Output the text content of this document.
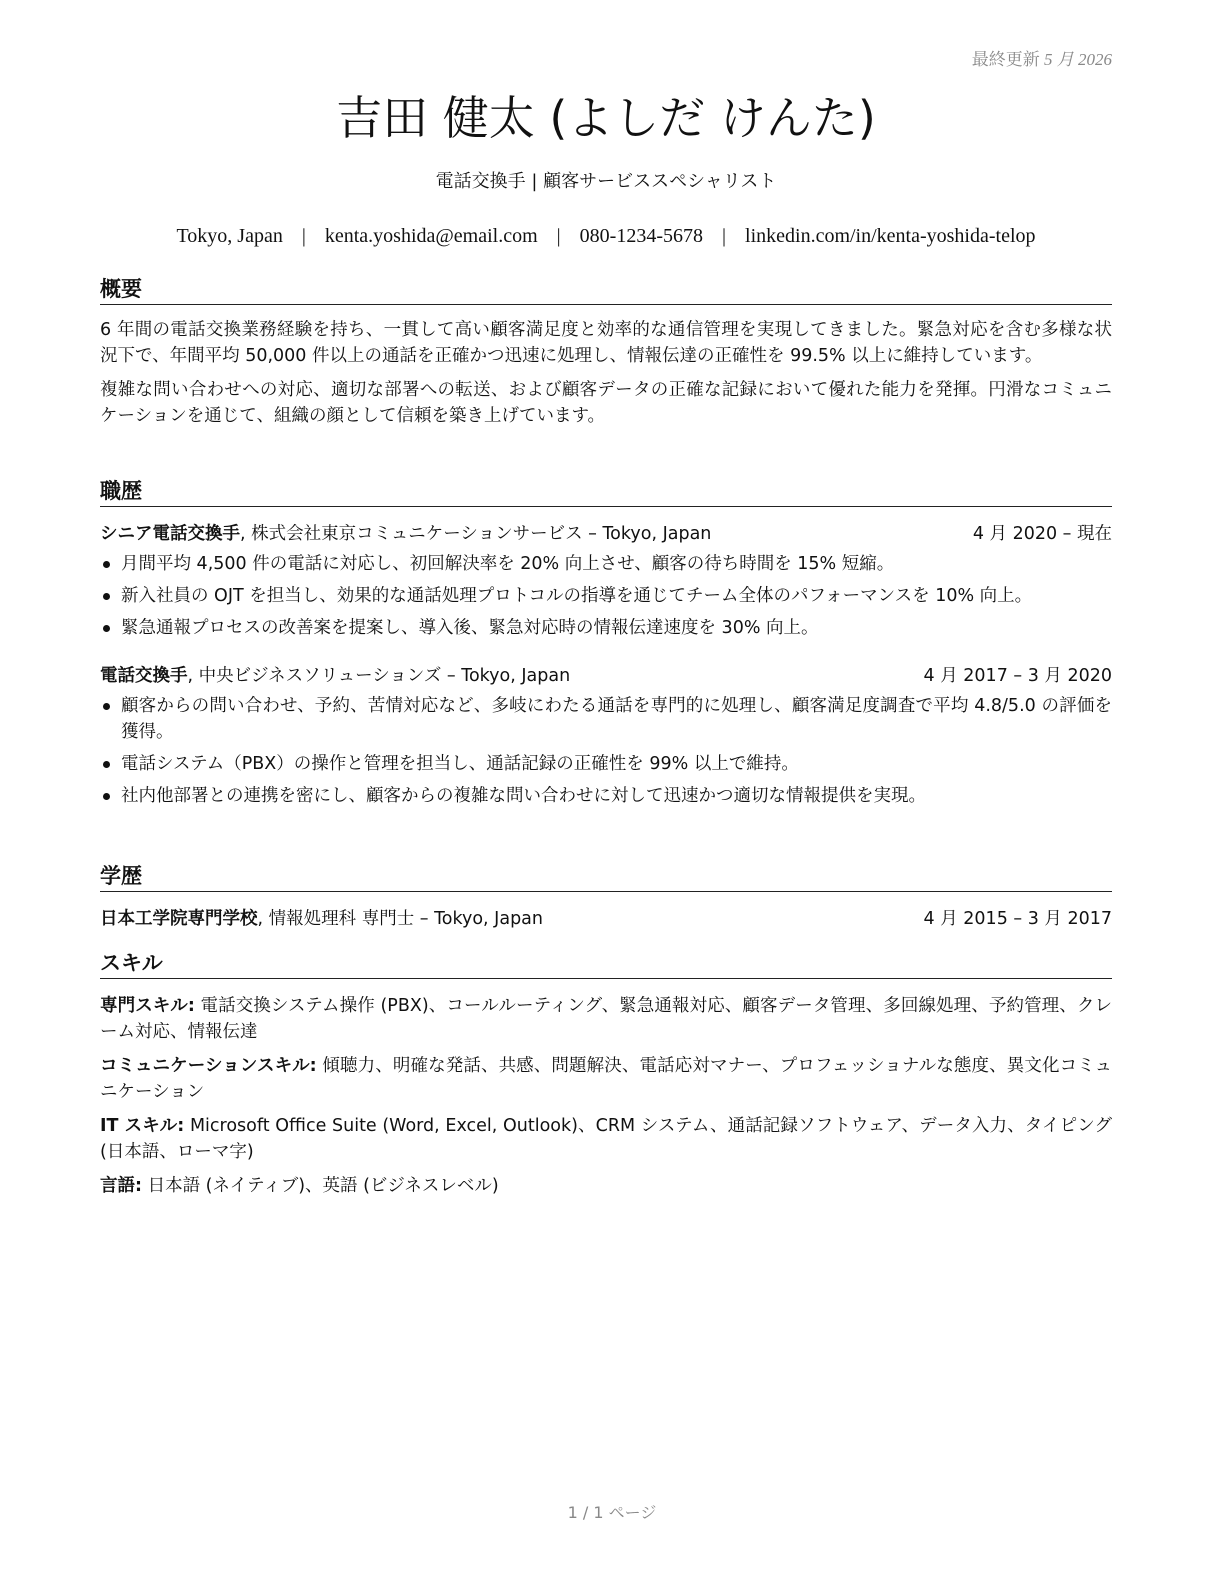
最終更新 5 月 2026
吉田 健太 (よしだ けんた)
電話交換手 | 顧客サービススペシャリスト
Tokyo, Japan | kenta.yoshida@email.com | 080-1234-5678 | linkedin.com/in/kenta-yoshida-telop
概要

6 年間の電話交換業務経験を持ち、一貫して高い顧客満足度と効率的な通信管理を実現してきました。緊急対応を含む多様な状況下で、年間平均 50,000 件以上の通話を正確かつ迅速に処理し、情報伝達の正確性を 99.5% 以上に維持しています。

複雑な問い合わせへの対応、適切な部署への転送、および顧客データの正確な記録において優れた能力を発揮。円滑なコミュニケーションを通じて、組織の顔として信頼を築き上げています。

職歴
シニア電話交換手, 株式会社東京コミュニケーションサービス – Tokyo, Japan	4 月 2020 – 現在
月間平均 4,500 件の電話に対応し、初回解決率を 20% 向上させ、顧客の待ち時間を 15% 短縮。
新入社員の OJT を担当し、効果的な通話処理プロトコルの指導を通じてチーム全体のパフォーマンスを 10% 向上。
緊急通報プロセスの改善案を提案し、導入後、緊急対応時の情報伝達速度を 30% 向上。
電話交換手, 中央ビジネスソリューションズ – Tokyo, Japan	4 月 2017 – 3 月 2020
顧客からの問い合わせ、予約、苦情対応など、多岐にわたる通話を専門的に処理し、顧客満足度調査で平均 4.8/5.0 の評価を獲得。
電話システム（PBX）の操作と管理を担当し、通話記録の正確性を 99% 以上で維持。
社内他部署との連携を密にし、顧客からの複雑な問い合わせに対して迅速かつ適切な情報提供を実現。
学歴
日本工学院専門学校, 情報処理科 専門士 – Tokyo, Japan	4 月 2015 – 3 月 2017
スキル

専門スキル: 電話交換システム操作 (PBX)、コールルーティング、緊急通報対応、顧客データ管理、多回線処理、予約管理、クレーム対応、情報伝達

コミュニケーションスキル: 傾聴力、明確な発話、共感、問題解決、電話応対マナー、プロフェッショナルな態度、異文化コミュニケーション

IT スキル: Microsoft Office Suite (Word, Excel, Outlook)、CRM システム、通話記録ソフトウェア、データ入力、タイピング (日本語、ローマ字)

言語: 日本語 (ネイティブ)、英語 (ビジネスレベル)

1 / 1 ページ
